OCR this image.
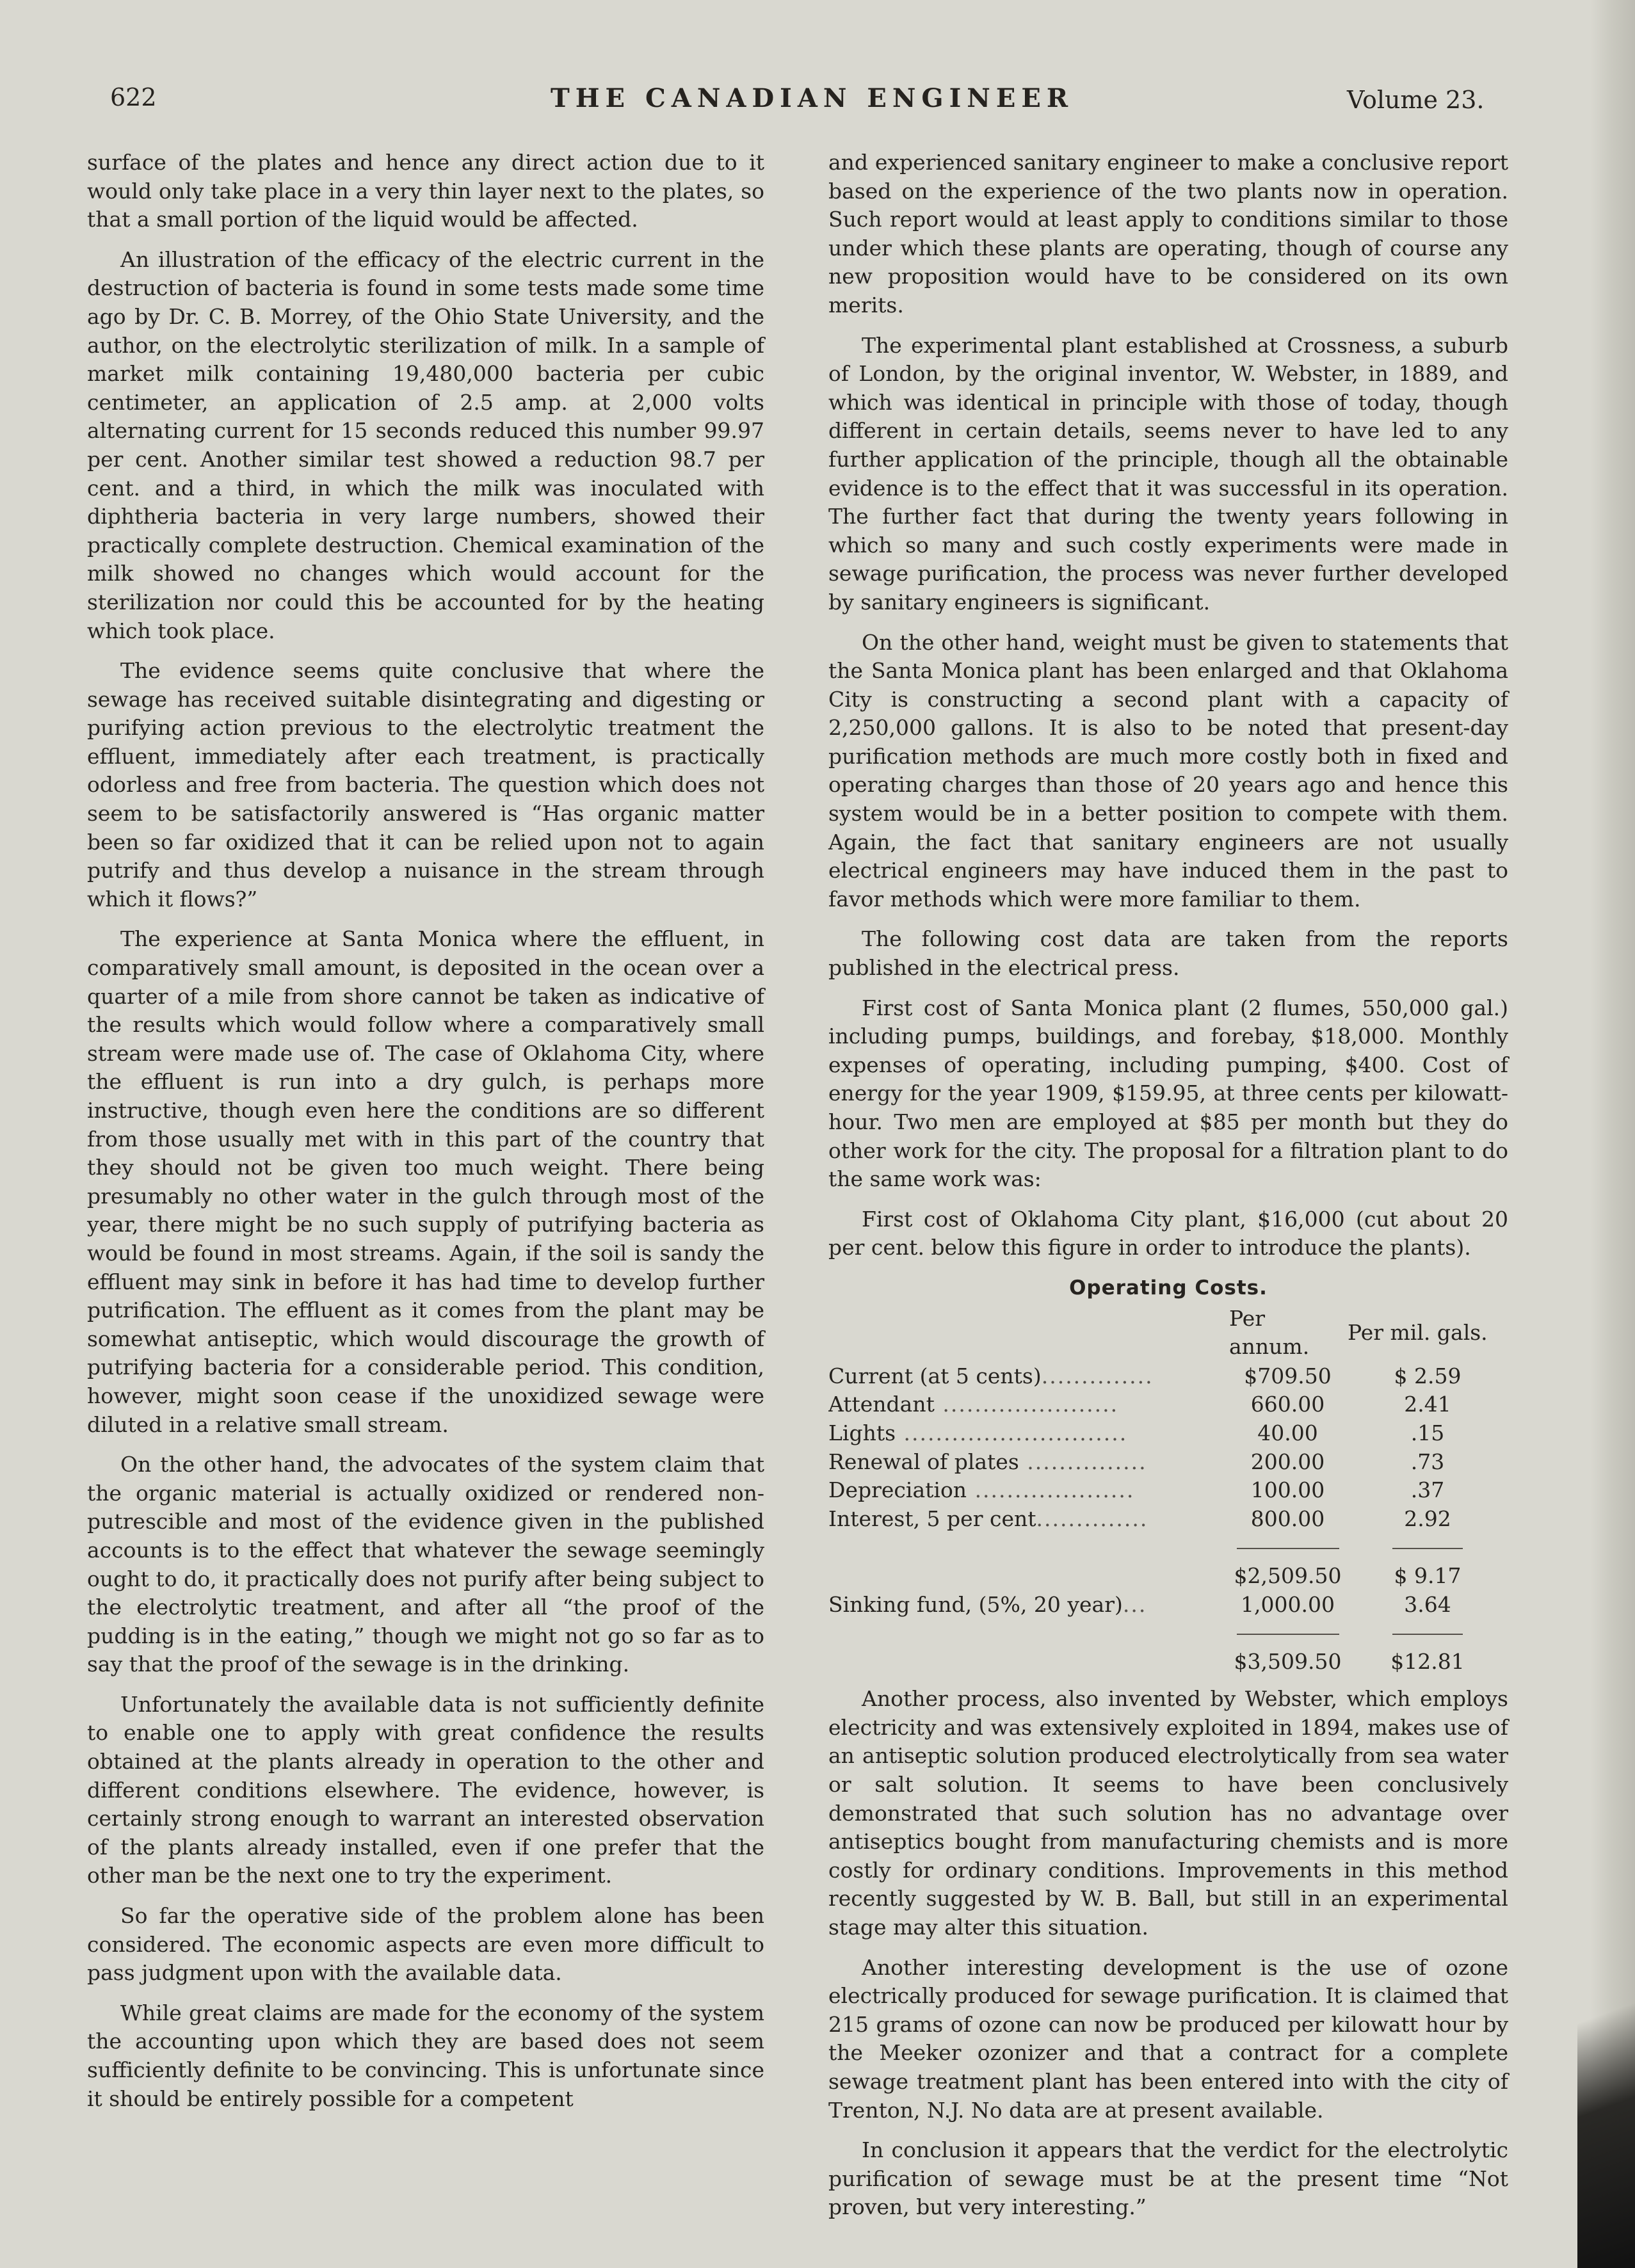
622	THE CANADIAN ENGINEER	Volume 23.

surface of the plates and hence any direct action due to it would only take place in a very thin layer next to the plates, so that a small portion of the liquid would be affected.

An illustration of the efficacy of the electric current in the destruction of bacteria is found in some tests made some time ago by Dr. C. B. Morrey, of the Ohio State University, and the author, on the electrolytic sterilization of milk. In a sample of market milk containing 19,480,000 bacteria per cubic centimeter, an application of 2.5 amp. at 2,000 volts alternating current for 15 seconds reduced this number 99.97 per cent. Another similar test showed a reduction 98.7 per cent. and a third, in which the milk was inoculated with diphtheria bacteria in very large numbers, showed their practically complete destruction. Chemical examination of the milk showed no changes which would account for the sterilization nor could this be accounted for by the heating which took place.

The evidence seems quite conclusive that where the sewage has received suitable disintegrating and digesting or purifying action previous to the electrolytic treatment the effluent, immediately after each treatment, is practically odorless and free from bacteria. The question which does not seem to be satisfactorily answered is “Has organic matter been so far oxidized that it can be relied upon not to again putrify and thus develop a nuisance in the stream through which it flows?”

The experience at Santa Monica where the effluent, in comparatively small amount, is deposited in the ocean over a quarter of a mile from shore cannot be taken as indicative of the results which would follow where a comparatively small stream were made use of. The case of Oklahoma City, where the effluent is run into a dry gulch, is perhaps more instructive, though even here the conditions are so different from those usually met with in this part of the country that they should not be given too much weight. There being presumably no other water in the gulch through most of the year, there might be no such supply of putrifying bacteria as would be found in most streams. Again, if the soil is sandy the effluent may sink in before it has had time to develop further putrification. The effluent as it comes from the plant may be somewhat antiseptic, which would discourage the growth of putrifying bacteria for a considerable period. This condition, however, might soon cease if the unoxidized sewage were diluted in a relative small stream.

On the other hand, the advocates of the system claim that the organic material is actually oxidized or rendered non-putrescible and most of the evidence given in the published accounts is to the effect that whatever the sewage seemingly ought to do, it practically does not purify after being subject to the electrolytic treatment, and after all “the proof of the pudding is in the eating,” though we might not go so far as to say that the proof of the sewage is in the drinking.

Unfortunately the available data is not sufficiently definite to enable one to apply with great confidence the results obtained at the plants already in operation to the other and different conditions elsewhere. The evidence, however, is certainly strong enough to warrant an interested observation of the plants already installed, even if one prefer that the other man be the next one to try the experiment.

So far the operative side of the problem alone has been considered. The economic aspects are even more difficult to pass judgment upon with the available data.

While great claims are made for the economy of the system the accounting upon which they are based does not seem sufficiently definite to be convincing. This is unfortunate since it should be entirely possible for a competent

and experienced sanitary engineer to make a conclusive report based on the experience of the two plants now in operation. Such report would at least apply to conditions similar to those under which these plants are operating, though of course any new proposition would have to be considered on its own merits.

The experimental plant established at Crossness, a suburb of London, by the original inventor, W. Webster, in 1889, and which was identical in principle with those of today, though different in certain details, seems never to have led to any further application of the principle, though all the obtainable evidence is to the effect that it was successful in its operation. The further fact that during the twenty years following in which so many and such costly experiments were made in sewage purification, the process was never further developed by sanitary engineers is significant.

On the other hand, weight must be given to statements that the Santa Monica plant has been enlarged and that Oklahoma City is constructing a second plant with a capacity of 2,250,000 gallons. It is also to be noted that present-day purification methods are much more costly both in fixed and operating charges than those of 20 years ago and hence this system would be in a better position to compete with them. Again, the fact that sanitary engineers are not usually electrical engineers may have induced them in the past to favor methods which were more familiar to them.

The following cost data are taken from the reports published in the electrical press.

First cost of Santa Monica plant (2 flumes, 550,000 gal.) including pumps, buildings, and forebay, $18,000. Monthly expenses of operating, including pumping, $400. Cost of energy for the year 1909, $159.95, at three cents per kilowatt-hour. Two men are employed at $85 per month but they do other work for the city. The proposal for a filtration plant to do the same work was:

First cost of Oklahoma City plant, $16,000 (cut about 20 per cent. below this figure in order to introduce the plants).

Operating Costs.
	Per annum.	Per mil. gals.
Current (at 5 cents)..............	$709.50	$ 2.59
Attendant ......................	660.00	2.41
Lights ............................	40.00	.15
Renewal of plates ...............	200.00	.73
Depreciation ....................	100.00	.37
Interest, 5 per cent..............	800.00	2.92

	$2,509.50	$ 9.17
Sinking fund, (5%, 20 year)...	1,000.00	3.64

	$3,509.50	$12.81

Another process, also invented by Webster, which employs electricity and was extensively exploited in 1894, makes use of an antiseptic solution produced electrolytically from sea water or salt solution. It seems to have been conclusively demonstrated that such solution has no advantage over antiseptics bought from manufacturing chemists and is more costly for ordinary conditions. Improvements in this method recently suggested by W. B. Ball, but still in an experimental stage may alter this situation.

Another interesting development is the use of ozone electrically produced for sewage purification. It is claimed that 215 grams of ozone can now be produced per kilowatt hour by the Meeker ozonizer and that a contract for a complete sewage treatment plant has been entered into with the city of Trenton, N.J. No data are at present available.

In conclusion it appears that the verdict for the electrolytic purification of sewage must be at the present time “Not proven, but very interesting.”
